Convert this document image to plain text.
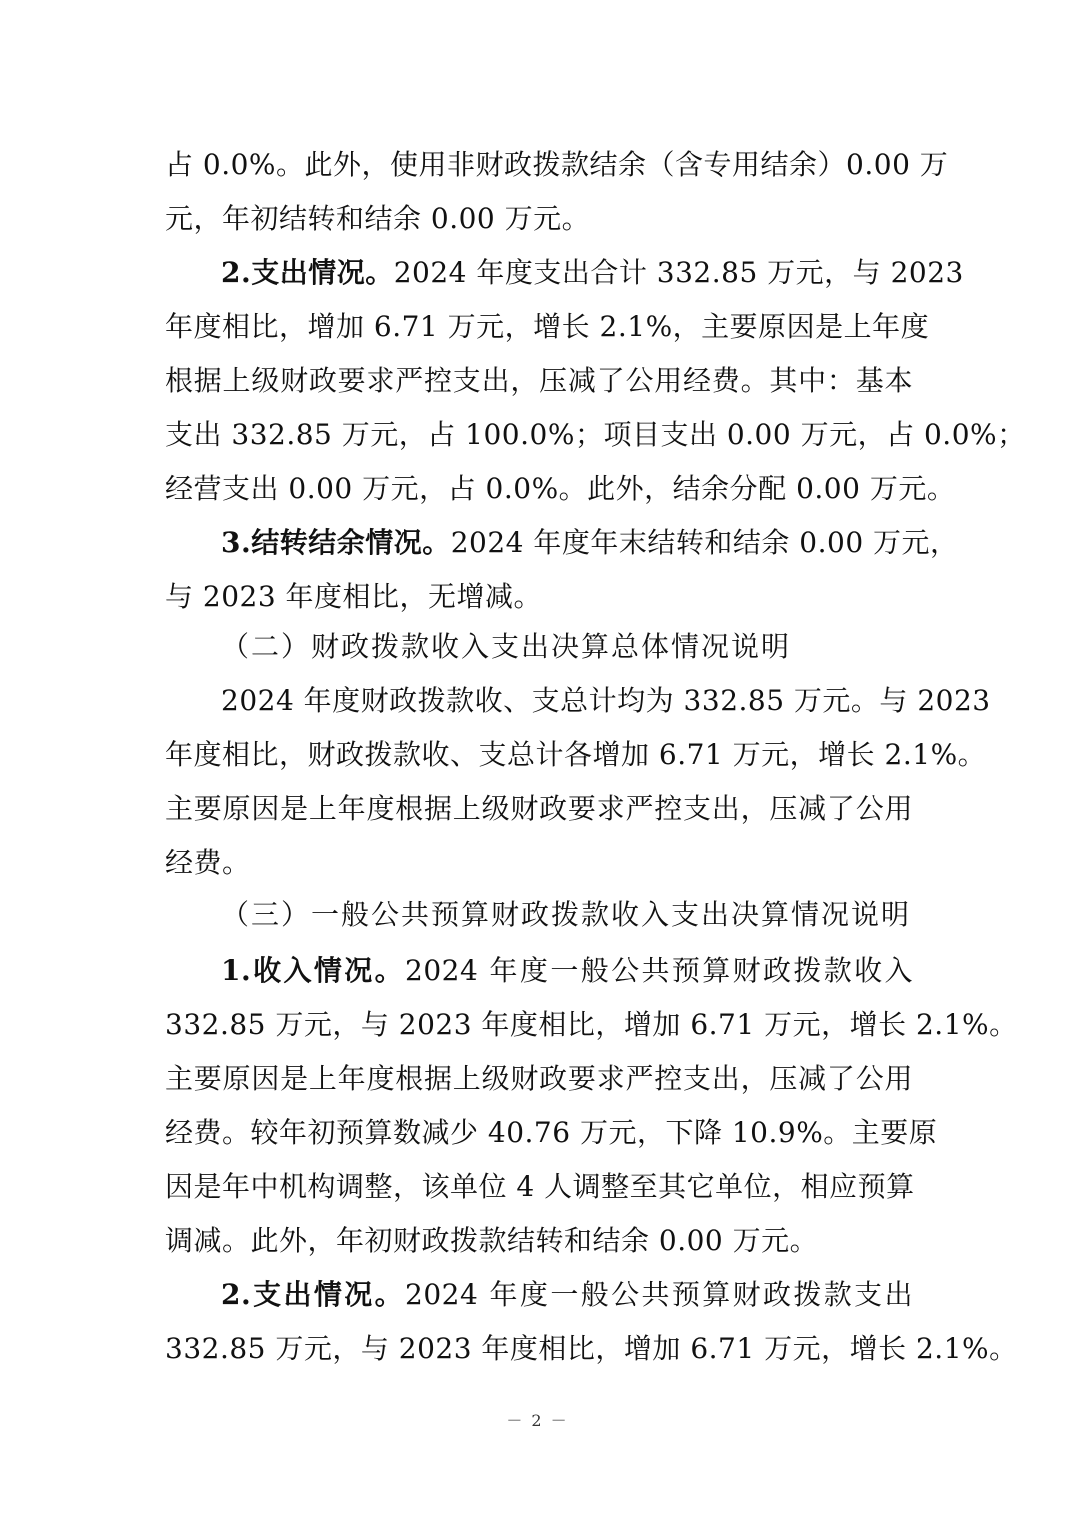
占 0.0%。此外，使用非财政拨款结余（含专用结余）0.00 万
元，年初结转和结余 0.00 万元。
2.支出情况。2024 年度支出合计 332.85 万元，与 2023
年度相比，增加 6.71 万元，增长 2.1%，主要原因是上年度
根据上级财政要求严控支出，压减了公用经费。其中：基本
支出 332.85 万元，占 100.0%；项目支出 0.00 万元，占 0.0%；
经营支出 0.00 万元，占 0.0%。此外，结余分配 0.00 万元。
3.结转结余情况。2024 年度年末结转和结余 0.00 万元，
与 2023 年度相比，无增减。
（二）财政拨款收入支出决算总体情况说明
2024 年度财政拨款收、支总计均为 332.85 万元。与 2023
年度相比，财政拨款收、支总计各增加 6.71 万元，增长 2.1%。
主要原因是上年度根据上级财政要求严控支出，压减了公用
经费。
（三）一般公共预算财政拨款收入支出决算情况说明
1.收入情况。2024 年度一般公共预算财政拨款收入
332.85 万元，与 2023 年度相比，增加 6.71 万元，增长 2.1%。
主要原因是上年度根据上级财政要求严控支出，压减了公用
经费。较年初预算数减少 40.76 万元，下降 10.9%。主要原
因是年中机构调整，该单位 4 人调整至其它单位，相应预算
调减。此外，年初财政拨款结转和结余 0.00 万元。
2.支出情况。2024 年度一般公共预算财政拨款支出
332.85 万元，与 2023 年度相比，增加 6.71 万元，增长 2.1%。
－ 2 －
